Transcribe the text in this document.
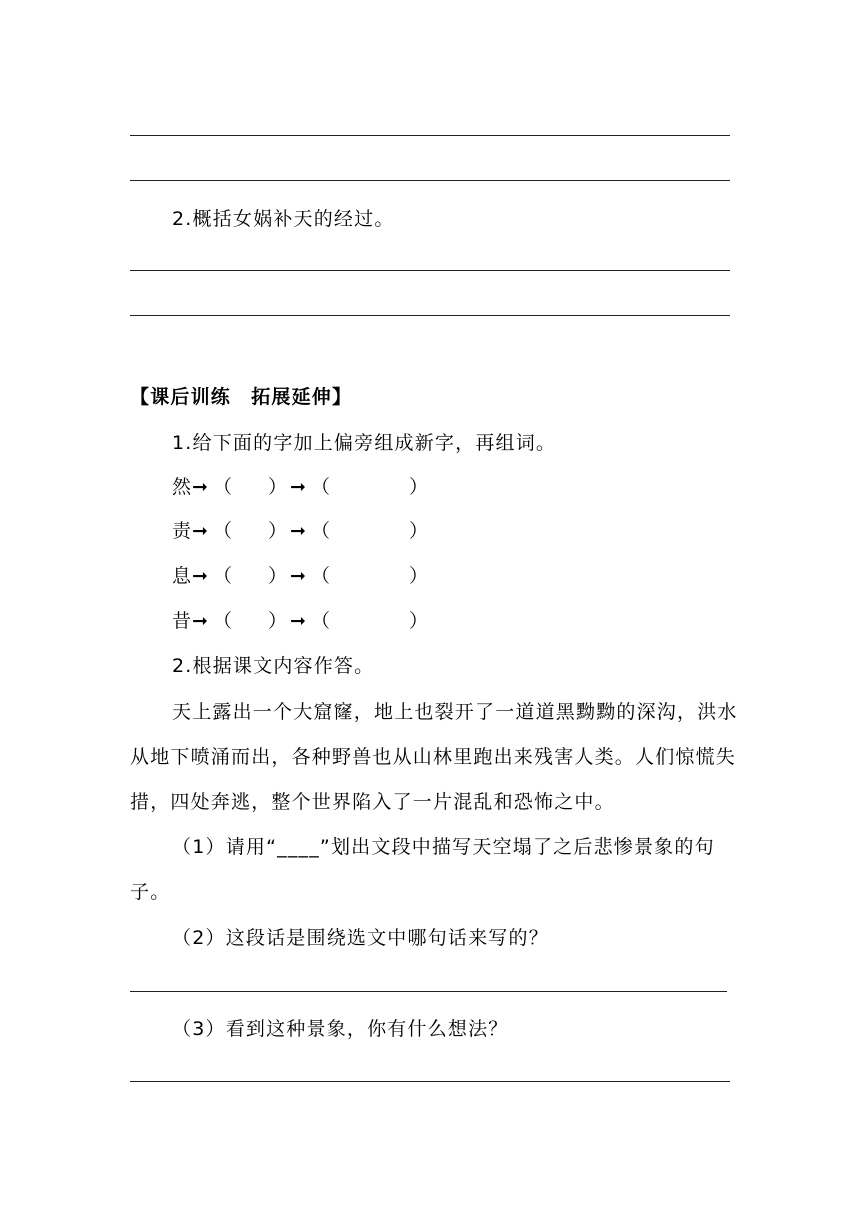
2.概括女娲补天的经过。
【课后训练　拓展延伸】
1.给下面的字加上偏旁组成新字，再组词。
然 ➞ （ ） ➞ （	）
责 ➞ （ ） ➞ （	）
息 ➞ （ ） ➞ （	）
昔 ➞ （ ） ➞ （	）
2.根据课文内容作答。
天上露出一个大窟窿，地上也裂开了一道道黑黝黝的深沟，洪水
从地下喷涌而出，各种野兽也从山林里跑出来残害人类。人们惊慌失
措，四处奔逃，整个世界陷入了一片混乱和恐怖之中。
（1）请用“____”划出文段中描写天空塌了之后悲惨景象的句
子。
（2）这段话是围绕选文中哪句话来写的？
（3）看到这种景象，你有什么想法？
